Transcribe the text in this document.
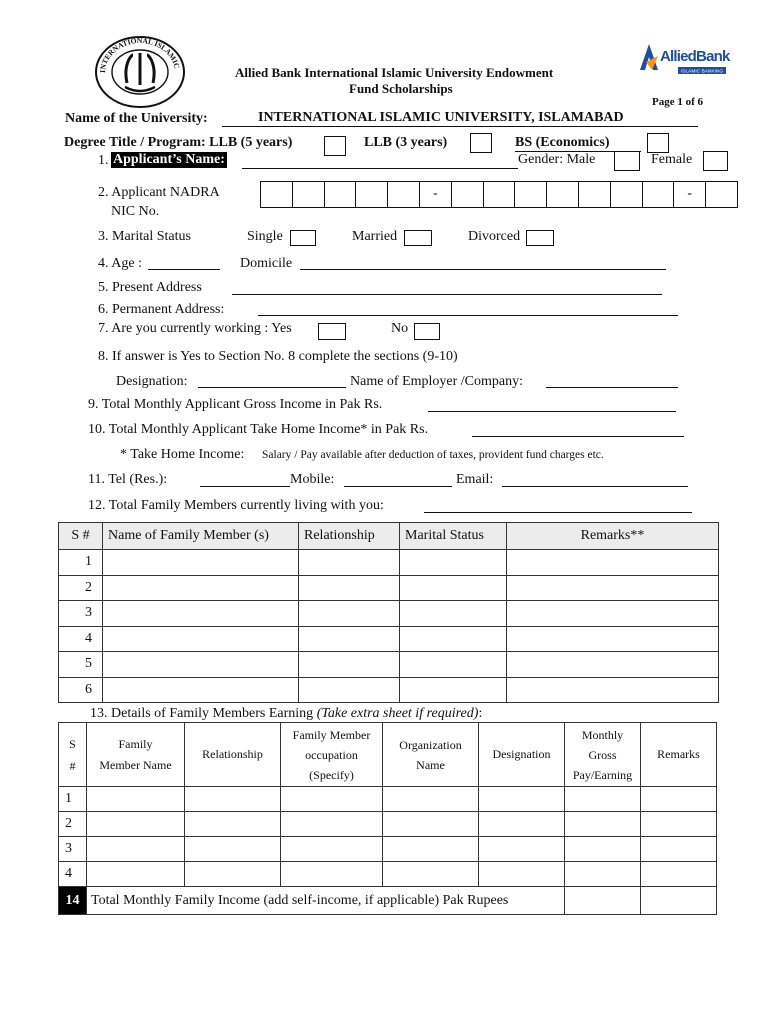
INTERNATIONAL ISLAMIC	Allied Bank International Islamic University Endowment
Fund Scholarships
AlliedBank
ISLAMIC BANKING
Page 1 of 6
Name of the University:	INTERNATIONAL ISLAMIC UNIVERSITY, ISLAMABAD
Degree Title / Program: LLB (5 years)	LLB (3 years)	BS (Economics)
1. Applicant’s Name:	Gender: Male	Female
2. Applicant NADRA
NIC No.
-	-
3. Marital Status	Single	Married	Divorced
4. Age :	Domicile
5. Present Address
6. Permanent Address:
7. Are you currently working : Yes	No
8. If answer is Yes to Section No. 8 complete the sections (9-10)
Designation:	Name of Employer /Company:
9. Total Monthly Applicant Gross Income in Pak Rs.
10. Total Monthly Applicant Take Home Income* in Pak Rs.
* Take Home Income: Salary / Pay available after deduction of taxes, provident fund charges etc.
11. Tel (Res.):	Mobile:	Email:
12. Total Family Members currently living with you:
S #	Name of Family Member (s)	Relationship	Marital Status	Remarks**
1				
2				
3				
4				
5				
6				
13. Details of Family Members Earning (Take extra sheet if required):
S
#	Family
Member Name	Relationship	Family Member
occupation
(Specify)	Organization
Name	Designation	Monthly
Gross
Pay/Earning	Remarks
1							
2							
3							
4							
14	Total Monthly Family Income (add self-income, if applicable) Pak Rupees						
